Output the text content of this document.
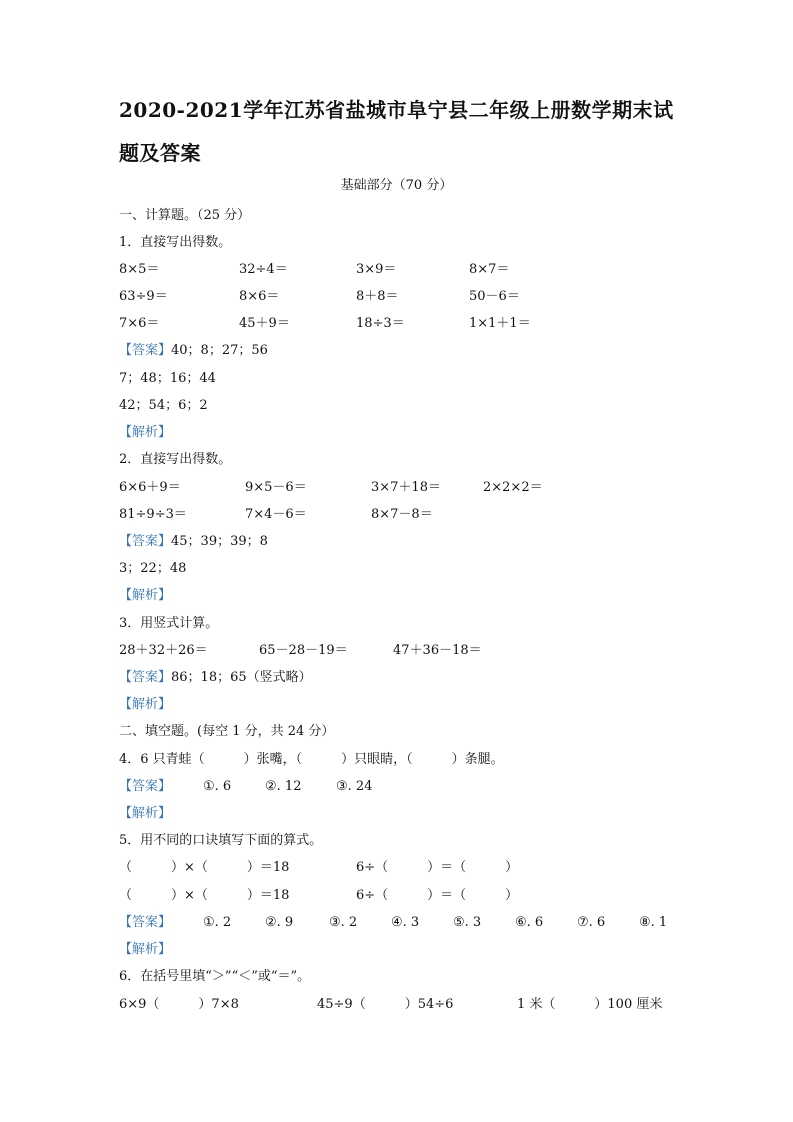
2020-2021学年江苏省盐城市阜宁县二年级上册数学期末试
题及答案
基础部分（70 分）
一、计算题。（25 分）
1．直接写出得数。
8×5＝	32÷4＝	3×9＝	8×7＝
63÷9＝	8×6＝	8＋8＝	50－6＝
7×6＝	45＋9＝	18÷3＝	1×1＋1＝
【答案】40；8；27；56
7；48；16；44
42；54；6；2
【解析】
2．直接写出得数。
6×6＋9＝	9×5－6＝	3×7＋18＝	2×2×2＝
81÷9÷3＝	7×4－6＝	8×7－8＝
【答案】45；39；39；8
3；22；48
【解析】
3．用竖式计算。
28＋32＋26＝	65－28－19＝	47＋36－18＝
【答案】86；18；65（竖式略）
【解析】
二、填空题。(每空 1 分，共 24 分）
4．6 只青蛙（　　　）张嘴，（　　　）只眼睛，（　　　）条腿。
【答案】 ①. 6	②. 12	③. 24
【解析】
5．用不同的口诀填写下面的算式。
（　　　）×（　　　）＝18	6÷（　　　）＝（　　　）
（　　　）×（　　　）＝18	6÷（　　　）＝（　　　）
【答案】 ①. 2	②. 9	③. 2	④. 3	⑤. 3	⑥. 6	⑦. 6	⑧. 1
【解析】
6．在括号里填“＞”“＜”或“＝”。
6×9（　　　）7×8	45÷9（　　　）54÷6	1 米（　　　）100 厘米
